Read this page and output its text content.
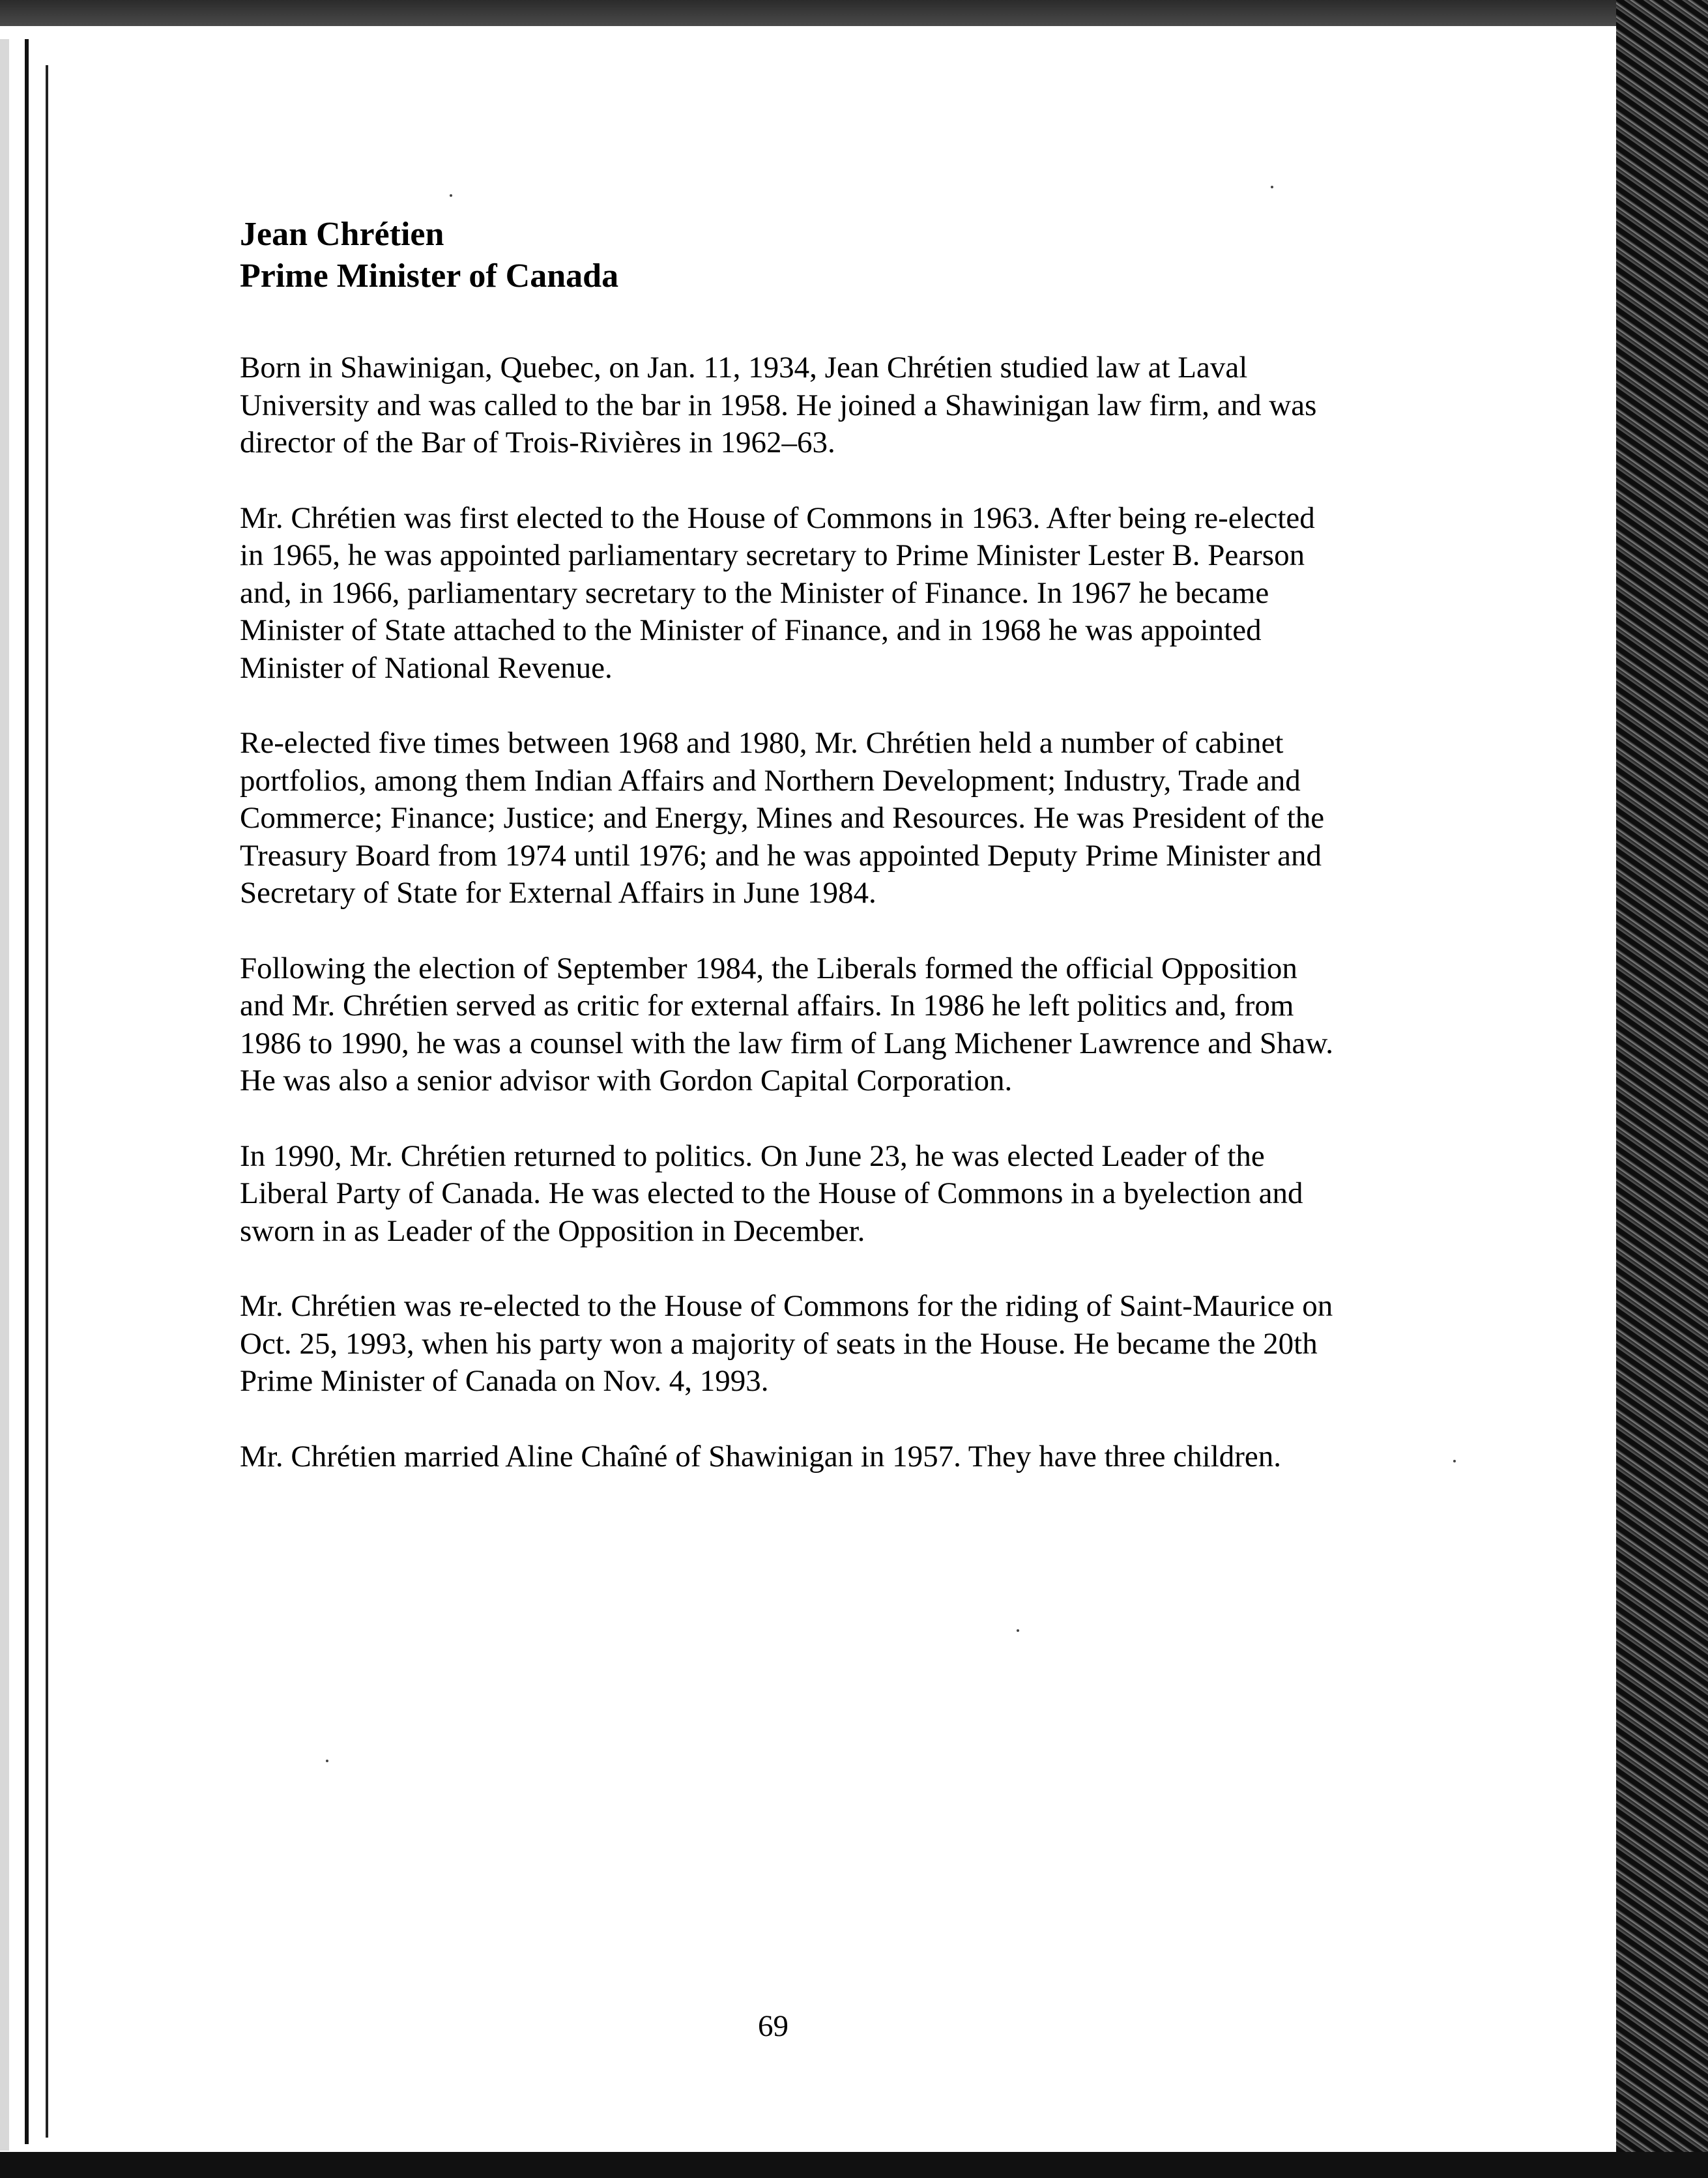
Jean Chrétien
Prime Minister of Canada

Born in Shawinigan, Quebec, on Jan. 11, 1934, Jean Chrétien studied law at Laval University and was called to the bar in 1958. He joined a Shawinigan law firm, and was director of the Bar of Trois-Rivières in 1962–63.

Mr. Chrétien was first elected to the House of Commons in 1963. After being re-elected in 1965, he was appointed parliamentary secretary to Prime Minister Lester B. Pearson and, in 1966, parliamentary secretary to the Minister of Finance. In 1967 he became Minister of State attached to the Minister of Finance, and in 1968 he was appointed Minister of National Revenue.

Re-elected five times between 1968 and 1980, Mr. Chrétien held a number of cabinet portfolios, among them Indian Affairs and Northern Development; Industry, Trade and Commerce; Finance; Justice; and Energy, Mines and Resources. He was President of the Treasury Board from 1974 until 1976; and he was appointed Deputy Prime Minister and Secretary of State for External Affairs in June 1984.

Following the election of September 1984, the Liberals formed the official Opposition and Mr. Chrétien served as critic for external affairs. In 1986 he left politics and, from 1986 to 1990, he was a counsel with the law firm of Lang Michener Lawrence and Shaw. He was also a senior advisor with Gordon Capital Corporation.

In 1990, Mr. Chrétien returned to politics. On June 23, he was elected Leader of the Liberal Party of Canada. He was elected to the House of Commons in a byelection and sworn in as Leader of the Opposition in December.

Mr. Chrétien was re-elected to the House of Commons for the riding of Saint-Maurice on Oct. 25, 1993, when his party won a majority of seats in the House. He became the 20th Prime Minister of Canada on Nov. 4, 1993.

Mr. Chrétien married Aline Chaîné of Shawinigan in 1957. They have three children.

69
